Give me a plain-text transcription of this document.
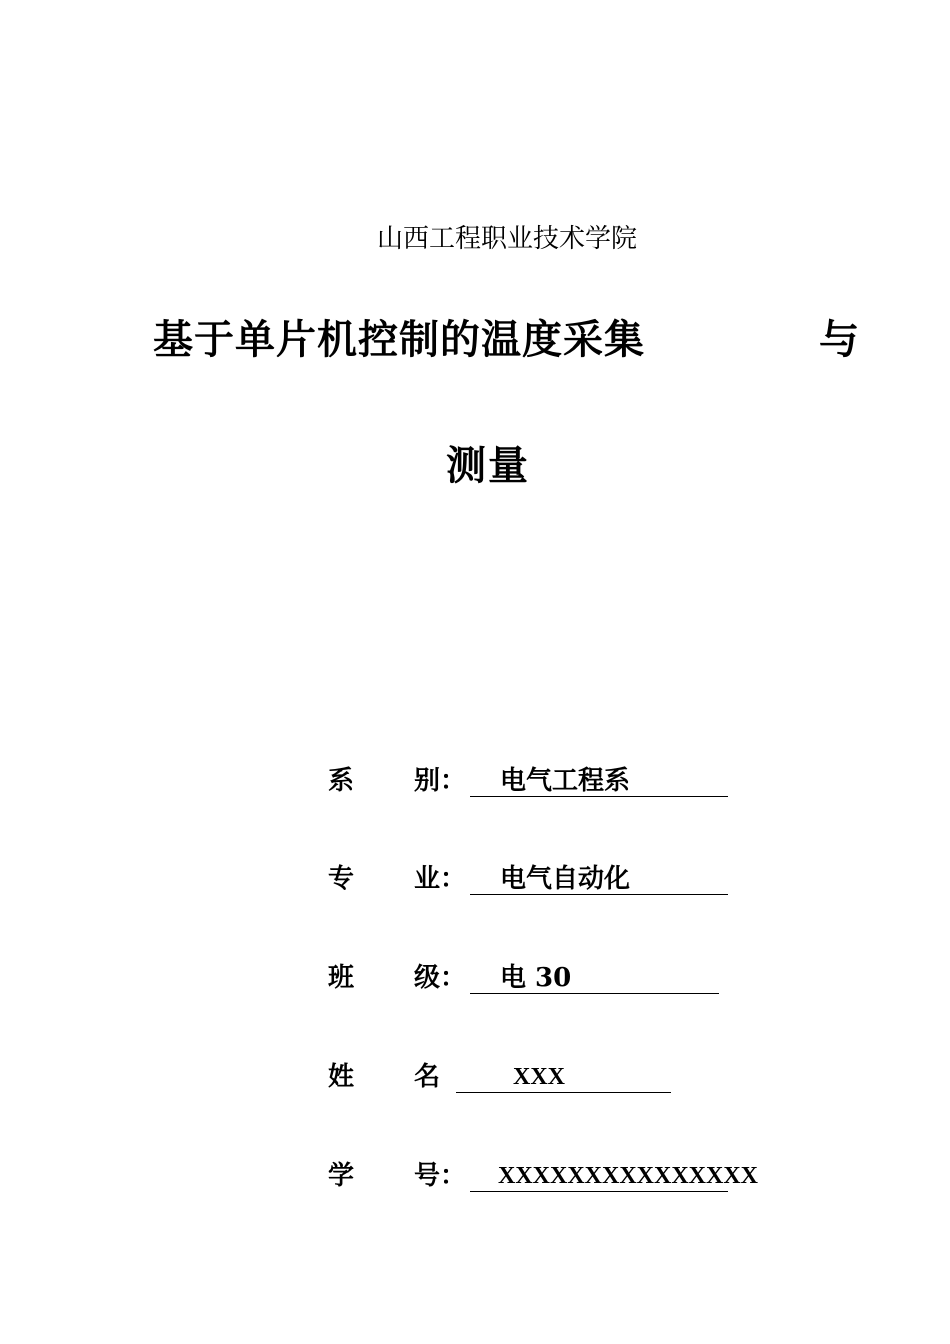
山西工程职业技术学院
基于单片机控制的温度采集	与
测量
系 别： 电气工程系
专 业： 电气自动化
班 级： 电 30
姓 名	XXX
学 号： XXXXXXXXXXXXXXX
